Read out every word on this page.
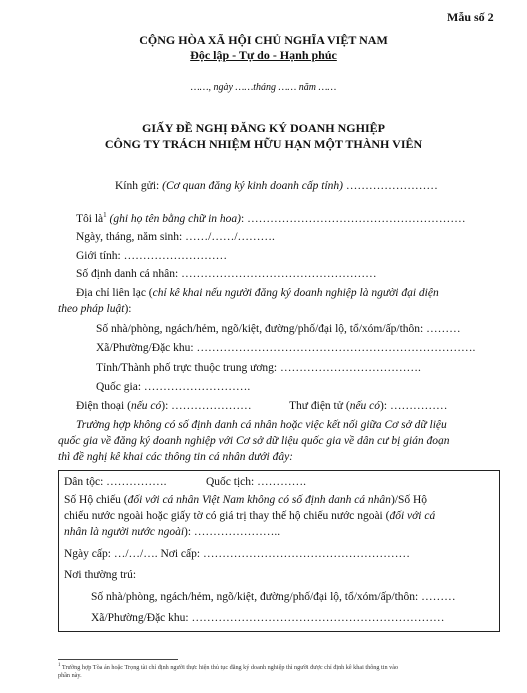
Mẫu số 2
CỘNG HÒA XÃ HỘI CHỦ NGHĨA VIỆT NAM
Độc lập - Tự do - Hạnh phúc
……, ngày ……tháng …… năm ……
GIẤY ĐỀ NGHỊ ĐĂNG KÝ DOANH NGHIỆP
CÔNG TY TRÁCH NHIỆM HỮU HẠN MỘT THÀNH VIÊN
Kính gửi: (Cơ quan đăng ký kinh doanh cấp tỉnh) ……………………
Tôi $là^1$ (ghi họ tên bằng chữ in hoa): …………………………………………………
Ngày, tháng, năm sinh: ……/……/……….
Giới tính: ………………………
Số định danh cá nhân: ……………………………………………
Địa chỉ liên lạc (chỉ kê khai nếu người đăng ký doanh nghiệp là người đại diện
theo pháp luật):
Số nhà/phòng, ngách/hẻm, ngõ/kiệt, đường/phố/đại lộ, tổ/xóm/ấp/thôn: ………
Xã/Phường/Đặc khu: ……………………………………………………………….
Tỉnh/Thành phố trực thuộc trung ương: ……………………………….
Quốc gia: ……………………….
Điện thoại (nếu có): …………………	Thư điện tử (nếu có): ……………
Trường hợp không có số định danh cá nhân hoặc việc kết nối giữa Cơ sở dữ liệu
quốc gia về đăng ký doanh nghiệp với Cơ sở dữ liệu quốc gia về dân cư bị gián đoạn
thì đề nghị kê khai các thông tin cá nhân dưới đây:
Dân tộc: …………….	Quốc tịch: ………….
Số Hộ chiếu (đối với cá nhân Việt Nam không có số định danh cá nhân)/Số Hộ
chiếu nước ngoài hoặc giấy tờ có giá trị thay thế hộ chiếu nước ngoài (đối với cá
nhân là người nước ngoài): …………………..
Ngày cấp: …/…/…. Nơi cấp: ………………………………………………
Nơi thường trú:
Số nhà/phòng, ngách/hẻm, ngõ/kiệt, đường/phố/đại lộ, tổ/xóm/ấp/thôn: ………
Xã/Phường/Đặc khu: …………………………………………………………
$^1$ Trường hợp Tòa án hoặc Trọng tài chỉ định người thực hiện thủ tục đăng ký doanh nghiệp thì người được chỉ định kê khai thông tin vào
phần này.
